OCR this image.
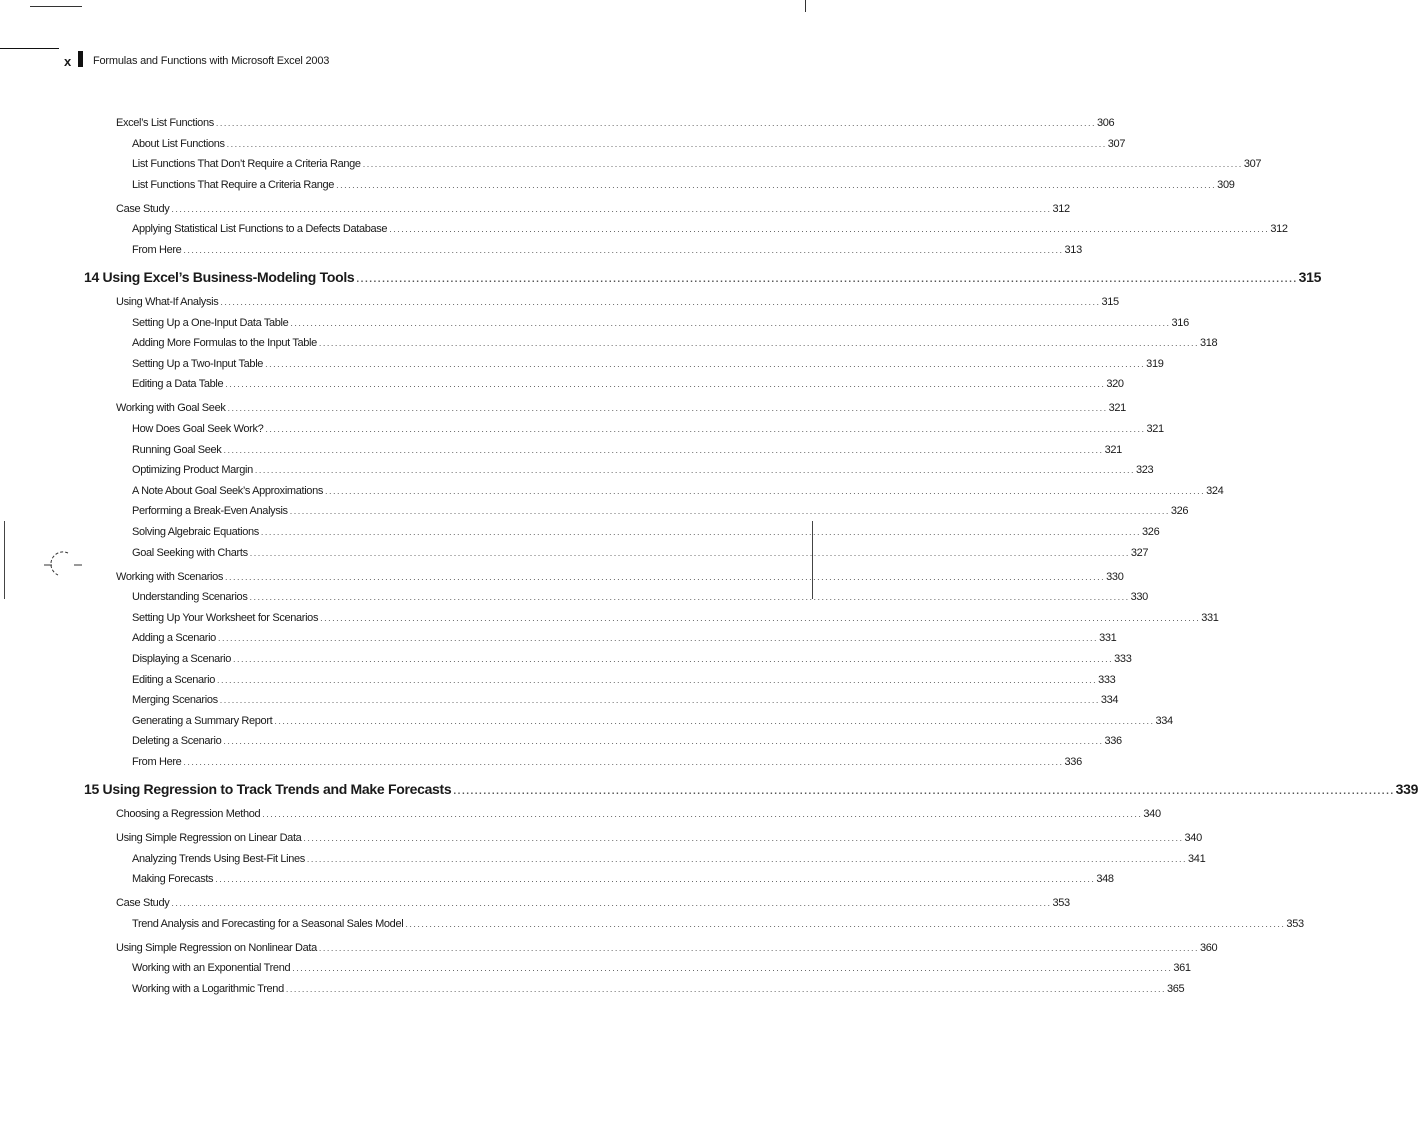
x Formulas and Functions with Microsoft Excel 2003
Excel’s List Functions ............................................................................................................................................................................................................................ 306
About List Functions ............................................................................................................................................................................................................................ 307
List Functions That Don’t Require a Criteria Range ............................................................................................................................................................................................................................ 307
List Functions That Require a Criteria Range ............................................................................................................................................................................................................................ 309
Case Study ............................................................................................................................................................................................................................ 312
Applying Statistical List Functions to a Defects Database ............................................................................................................................................................................................................................ 312
From Here ............................................................................................................................................................................................................................ 313
14 Using Excel’s Business-Modeling Tools ............................................................................................................................................................................................................................ 315
Using What-If Analysis ............................................................................................................................................................................................................................ 315
Setting Up a One-Input Data Table ............................................................................................................................................................................................................................ 316
Adding More Formulas to the Input Table ............................................................................................................................................................................................................................ 318
Setting Up a Two-Input Table ............................................................................................................................................................................................................................ 319
Editing a Data Table ............................................................................................................................................................................................................................ 320
Working with Goal Seek ............................................................................................................................................................................................................................ 321
How Does Goal Seek Work? ............................................................................................................................................................................................................................ 321
Running Goal Seek ............................................................................................................................................................................................................................ 321
Optimizing Product Margin ............................................................................................................................................................................................................................ 323
A Note About Goal Seek’s Approximations ............................................................................................................................................................................................................................ 324
Performing a Break-Even Analysis ............................................................................................................................................................................................................................ 326
Solving Algebraic Equations ............................................................................................................................................................................................................................ 326
Goal Seeking with Charts ............................................................................................................................................................................................................................ 327
Working with Scenarios ............................................................................................................................................................................................................................ 330
Understanding Scenarios ............................................................................................................................................................................................................................ 330
Setting Up Your Worksheet for Scenarios ............................................................................................................................................................................................................................ 331
Adding a Scenario ............................................................................................................................................................................................................................ 331
Displaying a Scenario ............................................................................................................................................................................................................................ 333
Editing a Scenario ............................................................................................................................................................................................................................ 333
Merging Scenarios ............................................................................................................................................................................................................................ 334
Generating a Summary Report ............................................................................................................................................................................................................................ 334
Deleting a Scenario ............................................................................................................................................................................................................................ 336
From Here ............................................................................................................................................................................................................................ 336
15 Using Regression to Track Trends and Make Forecasts ............................................................................................................................................................................................................................ 339
Choosing a Regression Method ............................................................................................................................................................................................................................ 340
Using Simple Regression on Linear Data ............................................................................................................................................................................................................................ 340
Analyzing Trends Using Best-Fit Lines ............................................................................................................................................................................................................................ 341
Making Forecasts ............................................................................................................................................................................................................................ 348
Case Study ............................................................................................................................................................................................................................ 353
Trend Analysis and Forecasting for a Seasonal Sales Model ............................................................................................................................................................................................................................ 353
Using Simple Regression on Nonlinear Data ............................................................................................................................................................................................................................ 360
Working with an Exponential Trend ............................................................................................................................................................................................................................ 361
Working with a Logarithmic Trend ............................................................................................................................................................................................................................ 365
